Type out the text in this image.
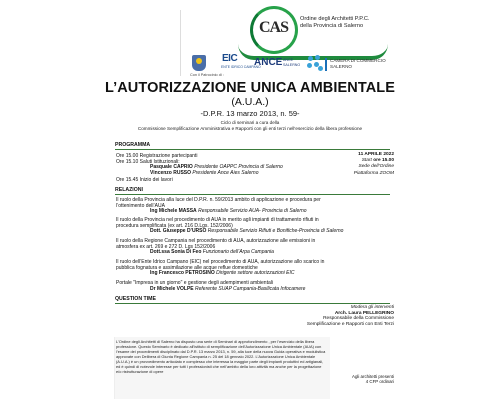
CAS Ordine degli Architetti P.P.C.
della Provincia di Salerno
EIC
ENTE IDRICO CAMPANO
ANCE ANCE
SALERNO
CAMERA DI COMMERCIO
SALERNO
Con il Patrocinio di :
L’AUTORIZZAZIONE UNICA AMBIENTALE
(A.U.A.)
-D.P.R. 13 marzo 2013, n. 59-
Ciclo di seminari a cura della
Commissione Semplificazione Amministrativa e Rapporti con gli enti terzi nell’esercizio della libera professione
PROGRAMMA
Ore 15.00 Registrazione partecipanti
Ore 15.10 Saluti Istituzionali:
Pasquale CAPRIO Presidente OAPPC Provincia di Salerno
Vincenzo RUSSO Presidente Ance Aies Salerno
Ore 15.45 Inizio dei lavori
11 APRILE 2022
Start ore 15.00
Sede dell’Ordine
Piattaforma ZOOM
RELAZIONI
Il ruolo della Provincia alla luce del D.P.R. n. 59/2013 ambito di applicazione e procedura per
l’ottenimento dell’AUA
Ing Michele MASSA Responsabile Servizio AUA- Provincia di Salerno
Il ruolo della Provincia nel procedimento di AUA in merito agli impianti di trattamento rifiuti in
procedura semplificata (ex art. 216 D.Lgs. 152/2006)
Dott. Giuseppe D’URSO Responsabile Servizio Rifiuti e Bonifiche-Provincia di Salerno
Il ruolo della Regione Campania nel procedimento di AUA, autorizzazione alle emissioni in
atmosfera ex art. 269 e 272 D. Lgs 152/2006
Dott.ssa Sonia Di Feo Funzionario dell’Arpa Campania
Il ruolo dell’Ente Idrico Campano (EIC) nel procedimento di AUA, autorizzazione allo scarico in
pubblica fognatura e assimilazione alle acque reflue domestiche
Ing Francesco PETROSINO Dirigente settore autorizzazioni EIC
Portale "Impresa in un giorno" e gestione degli adempimenti ambientali
Dr Michele VOLPE Referente SUAP Campania-Basilicata Infocamere
QUESTION TIME
Modera gli interventi
Arch. Laura PELLEGRINO
Responsabile della Commissione
Semplificazione e Rapporti con Enti Terzi
L’Ordine degli Architetti di Salerno ha disposto una serie di Seminari di approfondimento , per l’esercizio della libera professione. Questo Seminario è dedicato all’istituto di semplificazione dell’Autorizzazione Unica Ambientale (AUA) con l’esame dei procedimenti disciplinato dal D.P.R. 13 marzo 2013, n. 59, alla luce della nuova Guida operativa e modulistica approvate con Delibera di Giunta Regione Campania n. 25 del 18 gennaio 2022. L’Autorizzazione Unica Ambientale (A.U.A.) è un provvedimento articolato e complesso che interessa la maggior parte degli impianti produttivi ed artigianali, ed è quindi di notevole interesse per tutti i professionisti che nell’ambito della loro attività ma anche per la progettazione e/o ristrutturazione di opere
Agli architetti presenti
4 CFP ordinari
